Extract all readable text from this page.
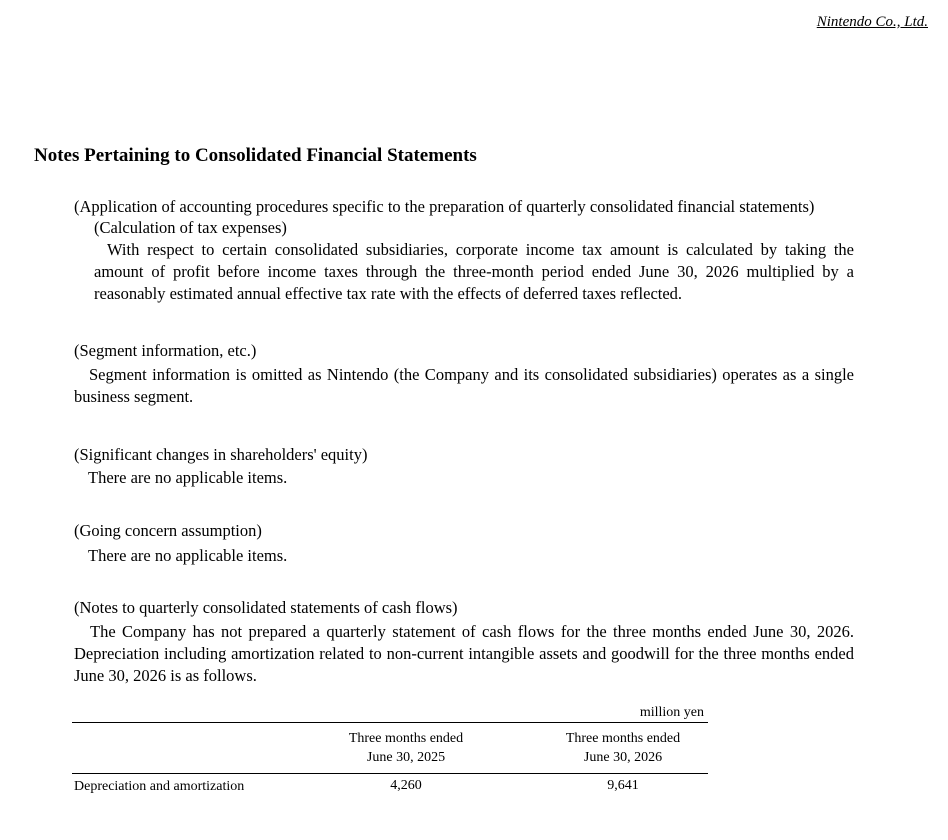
Nintendo Co., Ltd.
Notes Pertaining to Consolidated Financial Statements
(Application of accounting procedures specific to the preparation of quarterly consolidated financial statements)
(Calculation of tax expenses)
With respect to certain consolidated subsidiaries, corporate income tax amount is calculated by taking the amount of profit before income taxes through the three-month period ended June 30, 2026 multiplied by a reasonably estimated annual effective tax rate with the effects of deferred taxes reflected.
(Segment information, etc.)
Segment information is omitted as Nintendo (the Company and its consolidated subsidiaries) operates as a single business segment.
(Significant changes in shareholders' equity)
There are no applicable items.
(Going concern assumption)
There are no applicable items.
(Notes to quarterly consolidated statements of cash flows)
The Company has not prepared a quarterly statement of cash flows for the three months ended June 30, 2026. Depreciation including amortization related to non-current intangible assets and goodwill for the three months ended June 30, 2026 is as follows.
million yen
Three months ended
June 30, 2025
Three months ended
June 30, 2026
Depreciation and amortization	4,260	9,641
